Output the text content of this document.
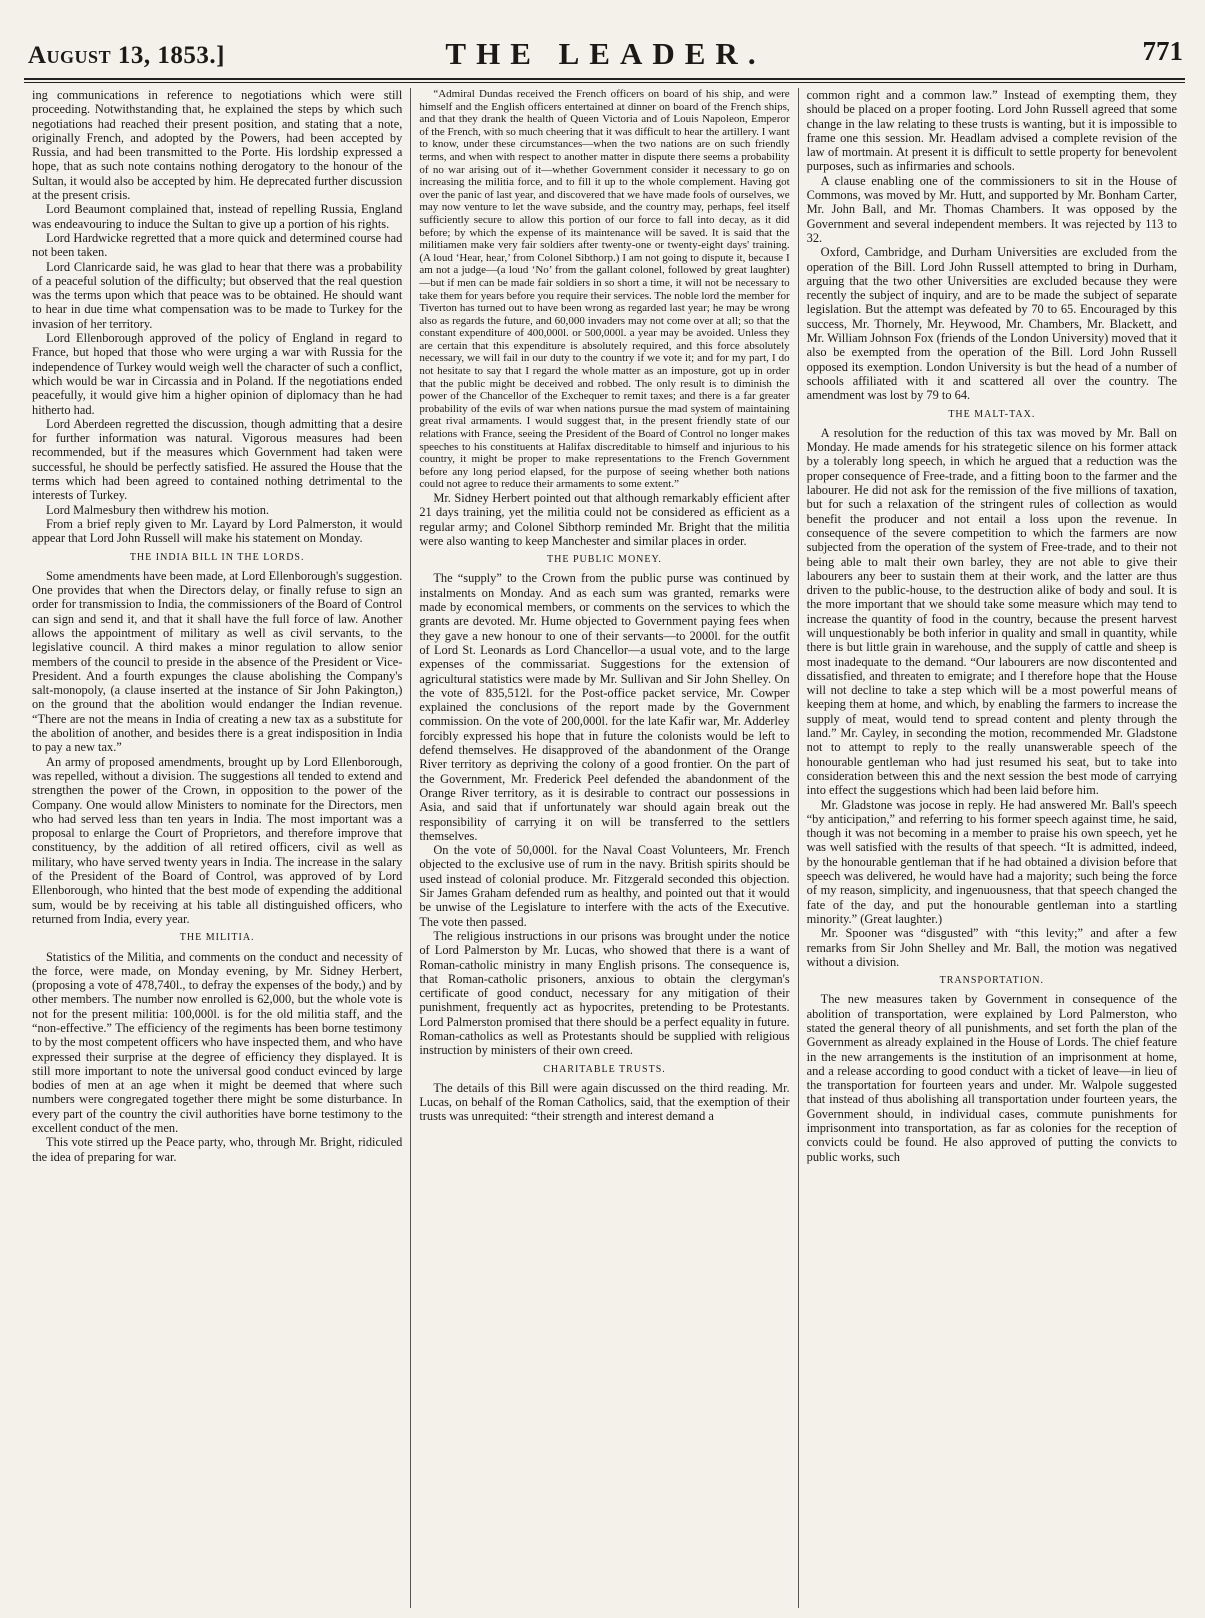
August 13, 1853.]	THE LEADER.	771

ing communications in reference to negotiations which were still proceeding. Notwithstanding that, he explained the steps by which such negotiations had reached their present position, and stating that a note, originally French, and adopted by the Powers, had been accepted by Russia, and had been transmitted to the Porte. His lordship expressed a hope, that as such note contains nothing derogatory to the honour of the Sultan, it would also be accepted by him. He deprecated further discussion at the present crisis.

Lord Beaumont complained that, instead of repelling Russia, England was endeavouring to induce the Sultan to give up a portion of his rights.

Lord Hardwicke regretted that a more quick and determined course had not been taken.

Lord Clanricarde said, he was glad to hear that there was a probability of a peaceful solution of the difficulty; but observed that the real question was the terms upon which that peace was to be obtained. He should want to hear in due time what compensation was to be made to Turkey for the invasion of her territory.

Lord Ellenborough approved of the policy of England in regard to France, but hoped that those who were urging a war with Russia for the independence of Turkey would weigh well the character of such a conflict, which would be war in Circassia and in Poland. If the negotiations ended peacefully, it would give him a higher opinion of diplomacy than he had hitherto had.

Lord Aberdeen regretted the discussion, though admitting that a desire for further information was natural. Vigorous measures had been recommended, but if the measures which Government had taken were successful, he should be perfectly satisfied. He assured the House that the terms which had been agreed to contained nothing detrimental to the interests of Turkey.

Lord Malmesbury then withdrew his motion.

From a brief reply given to Mr. Layard by Lord Palmerston, it would appear that Lord John Russell will make his statement on Monday.

THE INDIA BILL IN THE LORDS.

Some amendments have been made, at Lord Ellenborough's suggestion. One provides that when the Directors delay, or finally refuse to sign an order for transmission to India, the commissioners of the Board of Control can sign and send it, and that it shall have the full force of law. Another allows the appointment of military as well as civil servants, to the legislative council. A third makes a minor regulation to allow senior members of the council to preside in the absence of the President or Vice-President. And a fourth expunges the clause abolishing the Company's salt-monopoly, (a clause inserted at the instance of Sir John Pakington,) on the ground that the abolition would endanger the Indian revenue. “There are not the means in India of creating a new tax as a substitute for the abolition of another, and besides there is a great indisposition in India to pay a new tax.”

An army of proposed amendments, brought up by Lord Ellenborough, was repelled, without a division. The suggestions all tended to extend and strengthen the power of the Crown, in opposition to the power of the Company. One would allow Ministers to nominate for the Directors, men who had served less than ten years in India. The most important was a proposal to enlarge the Court of Proprietors, and therefore improve that constituency, by the addition of all retired officers, civil as well as military, who have served twenty years in India. The increase in the salary of the President of the Board of Control, was approved of by Lord Ellenborough, who hinted that the best mode of expending the additional sum, would be by receiving at his table all distinguished officers, who returned from India, every year.

THE MILITIA.

Statistics of the Militia, and comments on the conduct and necessity of the force, were made, on Monday evening, by Mr. Sidney Herbert, (proposing a vote of 478,740l., to defray the expenses of the body,) and by other members. The number now enrolled is 62,000, but the whole vote is not for the present militia: 100,000l. is for the old militia staff, and the “non-effective.” The efficiency of the regiments has been borne testimony to by the most competent officers who have inspected them, and who have expressed their surprise at the degree of efficiency they displayed. It is still more important to note the universal good conduct evinced by large bodies of men at an age when it might be deemed that where such numbers were congregated together there might be some disturbance. In every part of the country the civil authorities have borne testimony to the excellent conduct of the men.

This vote stirred up the Peace party, who, through Mr. Bright, ridiculed the idea of preparing for war.

“Admiral Dundas received the French officers on board of his ship, and were himself and the English officers entertained at dinner on board of the French ships, and that they drank the health of Queen Victoria and of Louis Napoleon, Emperor of the French, with so much cheering that it was difficult to hear the artillery. I want to know, under these circumstances—when the two nations are on such friendly terms, and when with respect to another matter in dispute there seems a probability of no war arising out of it—whether Government consider it necessary to go on increasing the militia force, and to fill it up to the whole complement. Having got over the panic of last year, and discovered that we have made fools of ourselves, we may now venture to let the wave subside, and the country may, perhaps, feel itself sufficiently secure to allow this portion of our force to fall into decay, as it did before; by which the expense of its maintenance will be saved. It is said that the militiamen make very fair soldiers after twenty-one or twenty-eight days' training. (A loud ‘Hear, hear,’ from Colonel Sibthorp.) I am not going to dispute it, because I am not a judge—(a loud ‘No’ from the gallant colonel, followed by great laughter)—but if men can be made fair soldiers in so short a time, it will not be necessary to take them for years before you require their services. The noble lord the member for Tiverton has turned out to have been wrong as regarded last year; he may be wrong also as regards the future, and 60,000 invaders may not come over at all; so that the constant expenditure of 400,000l. or 500,000l. a year may be avoided. Unless they are certain that this expenditure is absolutely required, and this force absolutely necessary, we will fail in our duty to the country if we vote it; and for my part, I do not hesitate to say that I regard the whole matter as an imposture, got up in order that the public might be deceived and robbed. The only result is to diminish the power of the Chancellor of the Exchequer to remit taxes; and there is a far greater probability of the evils of war when nations pursue the mad system of maintaining great rival armaments. I would suggest that, in the present friendly state of our relations with France, seeing the President of the Board of Control no longer makes speeches to his constituents at Halifax discreditable to himself and injurious to his country, it might be proper to make representations to the French Government before any long period elapsed, for the purpose of seeing whether both nations could not agree to reduce their armaments to some extent.”

Mr. Sidney Herbert pointed out that although remarkably efficient after 21 days training, yet the militia could not be considered as efficient as a regular army; and Colonel Sibthorp reminded Mr. Bright that the militia were also wanting to keep Manchester and similar places in order.

THE PUBLIC MONEY.

The “supply” to the Crown from the public purse was continued by instalments on Monday. And as each sum was granted, remarks were made by economical members, or comments on the services to which the grants are devoted. Mr. Hume objected to Government paying fees when they gave a new honour to one of their servants—to 2000l. for the outfit of Lord St. Leonards as Lord Chancellor—a usual vote, and to the large expenses of the commissariat. Suggestions for the extension of agricultural statistics were made by Mr. Sullivan and Sir John Shelley. On the vote of 835,512l. for the Post-office packet service, Mr. Cowper explained the conclusions of the report made by the Government commission. On the vote of 200,000l. for the late Kafir war, Mr. Adderley forcibly expressed his hope that in future the colonists would be left to defend themselves. He disapproved of the abandonment of the Orange River territory as depriving the colony of a good frontier. On the part of the Government, Mr. Frederick Peel defended the abandonment of the Orange River territory, as it is desirable to contract our possessions in Asia, and said that if unfortunately war should again break out the responsibility of carrying it on will be transferred to the settlers themselves.

On the vote of 50,000l. for the Naval Coast Volunteers, Mr. French objected to the exclusive use of rum in the navy. British spirits should be used instead of colonial produce. Mr. Fitzgerald seconded this objection. Sir James Graham defended rum as healthy, and pointed out that it would be unwise of the Legislature to interfere with the acts of the Executive. The vote then passed.

The religious instructions in our prisons was brought under the notice of Lord Palmerston by Mr. Lucas, who showed that there is a want of Roman-catholic ministry in many English prisons. The consequence is, that Roman-catholic prisoners, anxious to obtain the clergyman's certificate of good conduct, necessary for any mitigation of their punishment, frequently act as hypocrites, pretending to be Protestants. Lord Palmerston promised that there should be a perfect equality in future. Roman-catholics as well as Protestants should be supplied with religious instruction by ministers of their own creed.

CHARITABLE TRUSTS.

The details of this Bill were again discussed on the third reading. Mr. Lucas, on behalf of the Roman Catholics, said, that the exemption of their trusts was unrequited: “their strength and interest demand a

common right and a common law.” Instead of exempting them, they should be placed on a proper footing. Lord John Russell agreed that some change in the law relating to these trusts is wanting, but it is impossible to frame one this session. Mr. Headlam advised a complete revision of the law of mortmain. At present it is difficult to settle property for benevolent purposes, such as infirmaries and schools.

A clause enabling one of the commissioners to sit in the House of Commons, was moved by Mr. Hutt, and supported by Mr. Bonham Carter, Mr. John Ball, and Mr. Thomas Chambers. It was opposed by the Government and several independent members. It was rejected by 113 to 32.

Oxford, Cambridge, and Durham Universities are excluded from the operation of the Bill. Lord John Russell attempted to bring in Durham, arguing that the two other Universities are excluded because they were recently the subject of inquiry, and are to be made the subject of separate legislation. But the attempt was defeated by 70 to 65. Encouraged by this success, Mr. Thornely, Mr. Heywood, Mr. Chambers, Mr. Blackett, and Mr. William Johnson Fox (friends of the London University) moved that it also be exempted from the operation of the Bill. Lord John Russell opposed its exemption. London University is but the head of a number of schools affiliated with it and scattered all over the country. The amendment was lost by 79 to 64.

THE MALT-TAX.

A resolution for the reduction of this tax was moved by Mr. Ball on Monday. He made amends for his strategetic silence on his former attack by a tolerably long speech, in which he argued that a reduction was the proper consequence of Free-trade, and a fitting boon to the farmer and the labourer. He did not ask for the remission of the five millions of taxation, but for such a relaxation of the stringent rules of collection as would benefit the producer and not entail a loss upon the revenue. In consequence of the severe competition to which the farmers are now subjected from the operation of the system of Free-trade, and to their not being able to malt their own barley, they are not able to give their labourers any beer to sustain them at their work, and the latter are thus driven to the public-house, to the destruction alike of body and soul. It is the more important that we should take some measure which may tend to increase the quantity of food in the country, because the present harvest will unquestionably be both inferior in quality and small in quantity, while there is but little grain in warehouse, and the supply of cattle and sheep is most inadequate to the demand. “Our labourers are now discontented and dissatisfied, and threaten to emigrate; and I therefore hope that the House will not decline to take a step which will be a most powerful means of keeping them at home, and which, by enabling the farmers to increase the supply of meat, would tend to spread content and plenty through the land.” Mr. Cayley, in seconding the motion, recommended Mr. Gladstone not to attempt to reply to the really unanswerable speech of the honourable gentleman who had just resumed his seat, but to take into consideration between this and the next session the best mode of carrying into effect the suggestions which had been laid before him.

Mr. Gladstone was jocose in reply. He had answered Mr. Ball's speech “by anticipation,” and referring to his former speech against time, he said, though it was not becoming in a member to praise his own speech, yet he was well satisfied with the results of that speech. “It is admitted, indeed, by the honourable gentleman that if he had obtained a division before that speech was delivered, he would have had a majority; such being the force of my reason, simplicity, and ingenuousness, that that speech changed the fate of the day, and put the honourable gentleman into a startling minority.” (Great laughter.)

Mr. Spooner was “disgusted” with “this levity;” and after a few remarks from Sir John Shelley and Mr. Ball, the motion was negatived without a division.

TRANSPORTATION.

The new measures taken by Government in consequence of the abolition of transportation, were explained by Lord Palmerston, who stated the general theory of all punishments, and set forth the plan of the Government as already explained in the House of Lords. The chief feature in the new arrangements is the institution of an imprisonment at home, and a release according to good conduct with a ticket of leave—in lieu of the transportation for fourteen years and under. Mr. Walpole suggested that instead of thus abolishing all transportation under fourteen years, the Government should, in individual cases, commute punishments for imprisonment into transportation, as far as colonies for the reception of convicts could be found. He also approved of putting the convicts to public works, such
